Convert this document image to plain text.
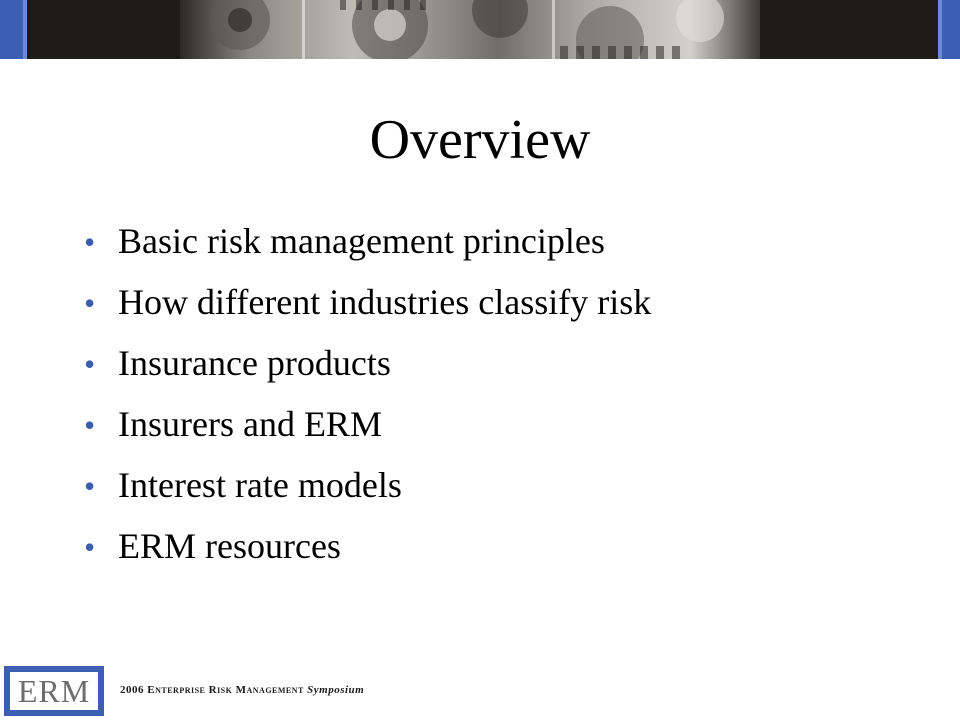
Overview
• Basic risk management principles
• How different industries classify risk
• Insurance products
• Insurers and ERM
• Interest rate models
• ERM resources
ERM	2006 Enterprise Risk Management Symposium
